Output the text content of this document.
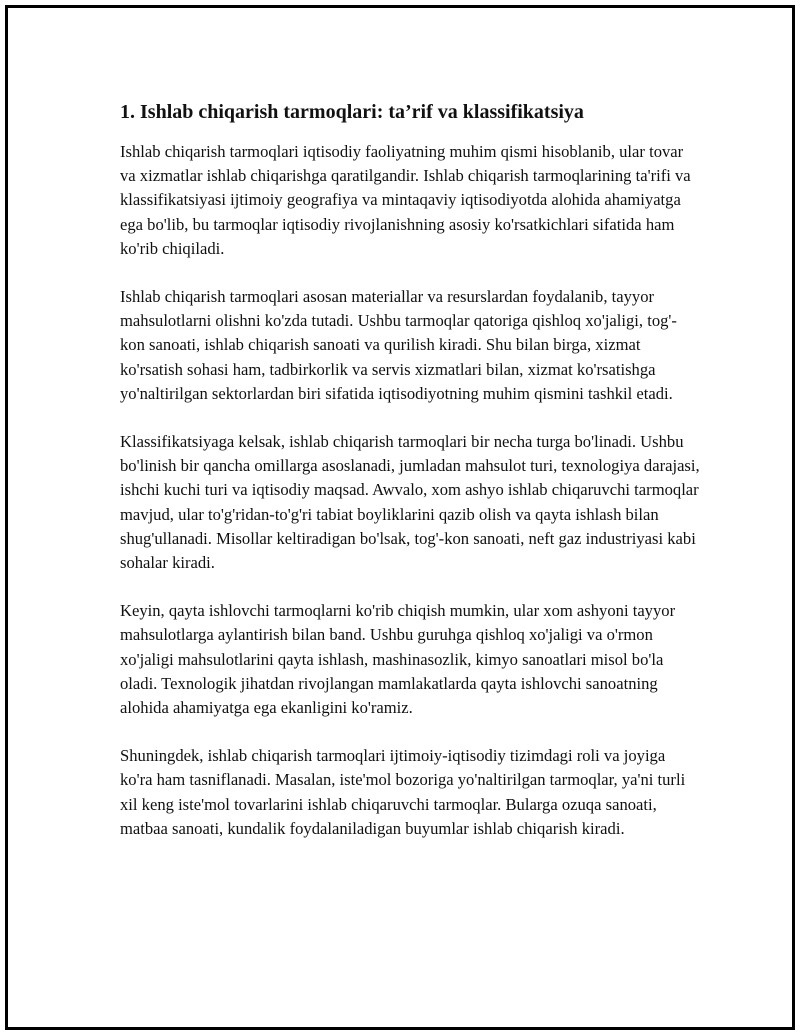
1. Ishlab chiqarish tarmoqlari: ta’rif va klassifikatsiya

Ishlab chiqarish tarmoqlari iqtisodiy faoliyatning muhim qismi hisoblanib, ular tovar va xizmatlar ishlab chiqarishga qaratilgandir. Ishlab chiqarish tarmoqlarining ta'rifi va klassifikatsiyasi ijtimoiy geografiya va mintaqaviy iqtisodiyotda alohida ahamiyatga ega bo'lib, bu tarmoqlar iqtisodiy rivojlanishning asosiy ko'rsatkichlari sifatida ham ko'rib chiqiladi.

Ishlab chiqarish tarmoqlari asosan materiallar va resurslardan foydalanib, tayyor mahsulotlarni olishni ko'zda tutadi. Ushbu tarmoqlar qatoriga qishloq xo'jaligi, tog'-kon sanoati, ishlab chiqarish sanoati va qurilish kiradi. Shu bilan birga, xizmat ko'rsatish sohasi ham, tadbirkorlik va servis xizmatlari bilan, xizmat ko'rsatishga yo'naltirilgan sektorlardan biri sifatida iqtisodiyotning muhim qismini tashkil etadi.

Klassifikatsiyaga kelsak, ishlab chiqarish tarmoqlari bir necha turga bo'linadi. Ushbu bo'linish bir qancha omillarga asoslanadi, jumladan mahsulot turi, texnologiya darajasi, ishchi kuchi turi va iqtisodiy maqsad. Awvalo, xom ashyo ishlab chiqaruvchi tarmoqlar mavjud, ular to'g'ridan-to'g'ri tabiat boyliklarini qazib olish va qayta ishlash bilan shug'ullanadi. Misollar keltiradigan bo'lsak, tog'-kon sanoati, neft gaz industriyasi kabi sohalar kiradi.

Keyin, qayta ishlovchi tarmoqlarni ko'rib chiqish mumkin, ular xom ashyoni tayyor mahsulotlarga aylantirish bilan band. Ushbu guruhga qishloq xo'jaligi va o'rmon xo'jaligi mahsulotlarini qayta ishlash, mashinasozlik, kimyo sanoatlari misol bo'la oladi. Texnologik jihatdan rivojlangan mamlakatlarda qayta ishlovchi sanoatning alohida ahamiyatga ega ekanligini ko'ramiz.

Shuningdek, ishlab chiqarish tarmoqlari ijtimoiy-iqtisodiy tizimdagi roli va joyiga ko'ra ham tasniflanadi. Masalan, iste'mol bozoriga yo'naltirilgan tarmoqlar, ya'ni turli xil keng iste'mol tovarlarini ishlab chiqaruvchi tarmoqlar. Bularga ozuqa sanoati, matbaa sanoati, kundalik foydalaniladigan buyumlar ishlab chiqarish kiradi.
